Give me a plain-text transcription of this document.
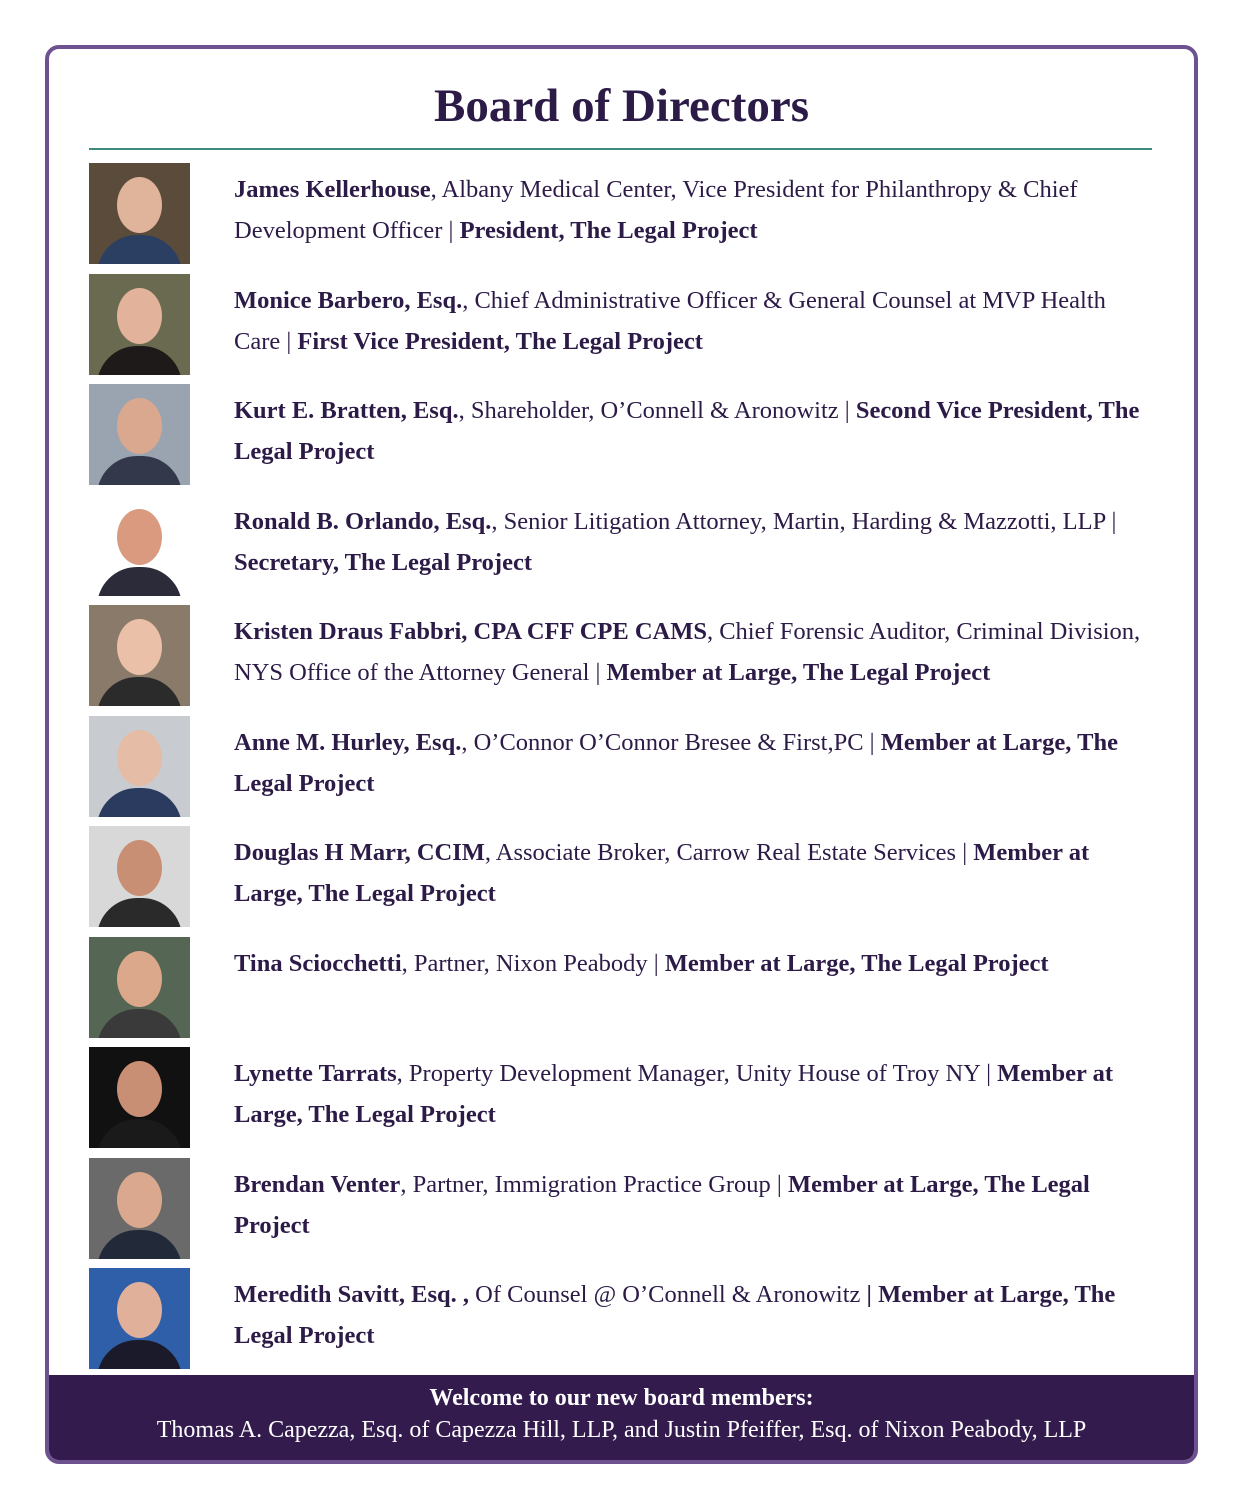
Board of Directors
James Kellerhouse, Albany Medical Center, Vice President for Philanthropy & Chief Development Officer | President, The Legal Project
Monice Barbero, Esq., Chief Administrative Officer & General Counsel at MVP Health Care | First Vice President, The Legal Project
Kurt E. Bratten, Esq., Shareholder, O’Connell & Aronowitz | Second Vice President, The Legal Project
Ronald B. Orlando, Esq., Senior Litigation Attorney, Martin, Harding & Mazzotti, LLP | Secretary, The Legal Project
Kristen Draus Fabbri, CPA CFF CPE CAMS, Chief Forensic Auditor, Criminal Division, NYS Office of the Attorney General | Member at Large, The Legal Project
Anne M. Hurley, Esq., O’Connor O’Connor Bresee & First,PC | Member at Large, The Legal Project
Douglas H Marr, CCIM, Associate Broker, Carrow Real Estate Services | Member at Large, The Legal Project
Tina Sciocchetti, Partner, Nixon Peabody | Member at Large, The Legal Project
Lynette Tarrats, Property Development Manager, Unity House of Troy NY | Member at Large, The Legal Project
Brendan Venter, Partner, Immigration Practice Group | Member at Large, The Legal Project
Meredith Savitt, Esq. , Of Counsel @ O’Connell & Aronowitz | Member at Large, The Legal Project
Welcome to our new board members:
Thomas A. Capezza, Esq. of Capezza Hill, LLP, and Justin Pfeiffer, Esq. of Nixon Peabody, LLP
